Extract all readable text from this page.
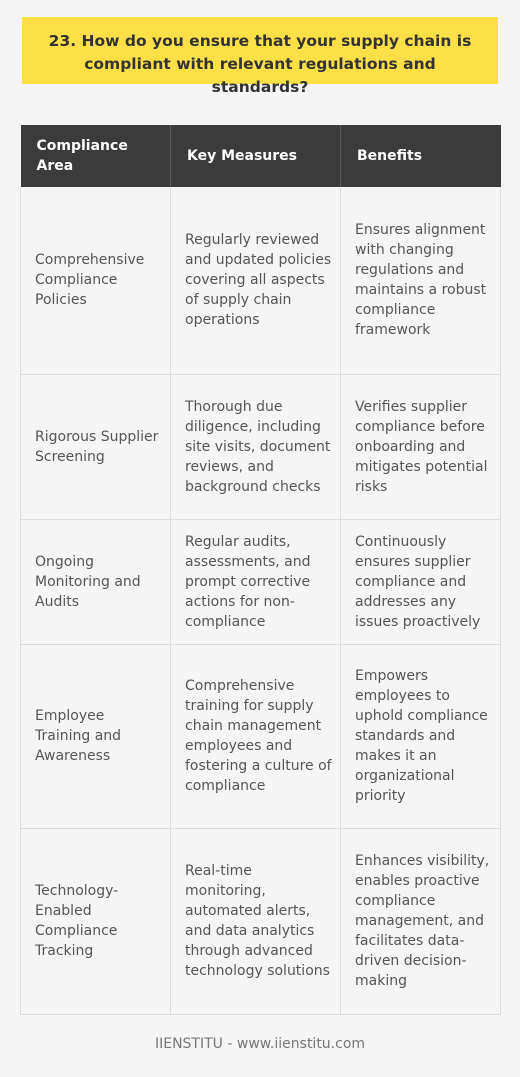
23. How do you ensure that your supply chain is compliant with relevant regulations and standards?
Compliance Area	Key Measures	Benefits
Comprehensive Compliance Policies	Regularly reviewed and updated policies covering all aspects of supply chain operations	Ensures alignment with changing regulations and maintains a robust compliance framework
Rigorous Supplier Screening	Thorough due diligence, including site visits, document reviews, and background checks	Verifies supplier compliance before onboarding and mitigates potential risks
Ongoing Monitoring and Audits	Regular audits, assessments, and prompt corrective actions for non-compliance	Continuously ensures supplier compliance and addresses any issues proactively
Employee Training and Awareness	Comprehensive training for supply chain management employees and fostering a culture of compliance	Empowers employees to uphold compliance standards and makes it an organizational priority
Technology-Enabled Compliance Tracking	Real-time monitoring, automated alerts, and data analytics through advanced technology solutions	Enhances visibility, enables proactive compliance management, and facilitates data-driven decision-making
IIENSTITU - www.iienstitu.com
